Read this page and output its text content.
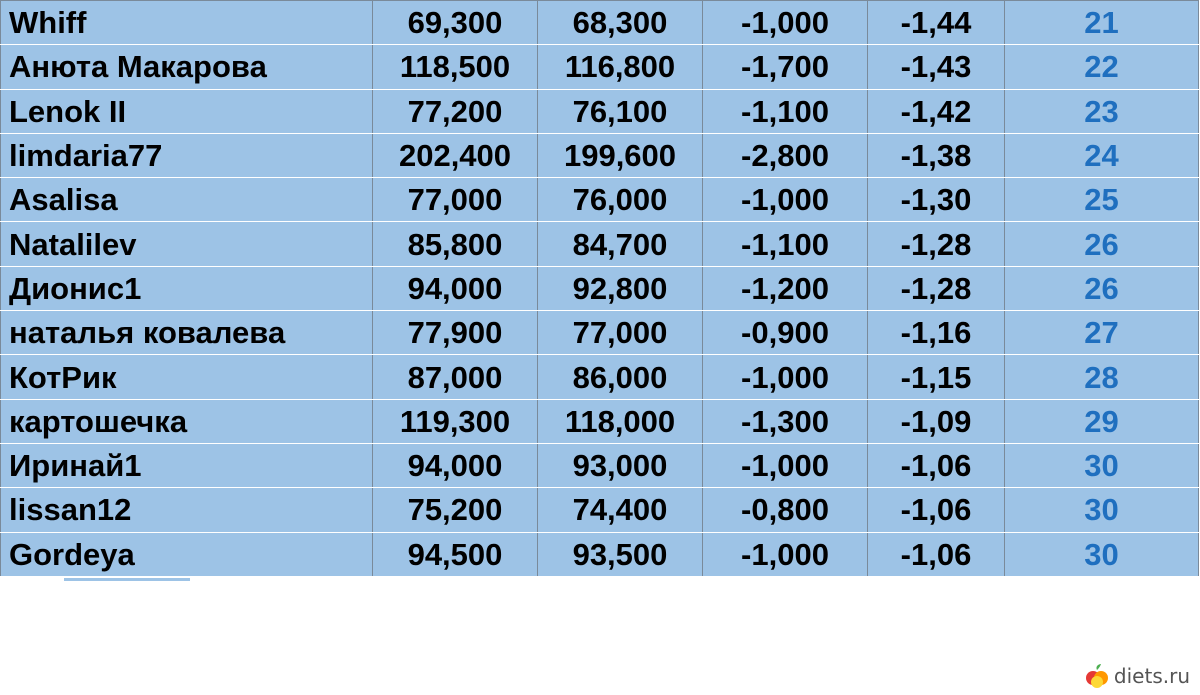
Whiff	69,300	68,300	-1,000	-1,44	21
Анюта Макарова	118,500	116,800	-1,700	-1,43	22
Lenok II	77,200	76,100	-1,100	-1,42	23
limdaria77	202,400	199,600	-2,800	-1,38	24
Asalisa	77,000	76,000	-1,000	-1,30	25
Natalilev	85,800	84,700	-1,100	-1,28	26
Дионис1	94,000	92,800	-1,200	-1,28	26
наталья ковалева	77,900	77,000	-0,900	-1,16	27
КотРик	87,000	86,000	-1,000	-1,15	28
картошечка	119,300	118,000	-1,300	-1,09	29
Иринай1	94,000	93,000	-1,000	-1,06	30
lissan12	75,200	74,400	-0,800	-1,06	30
Gordeya	94,500	93,500	-1,000	-1,06	30
diets.ru
